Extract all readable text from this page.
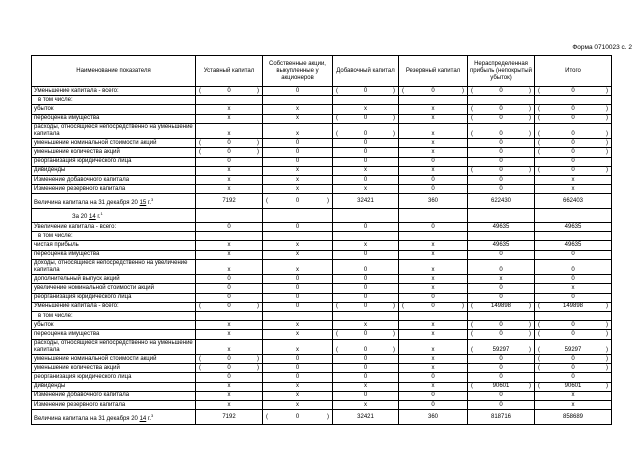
Форма 0710023 с. 2
Наименование показателя	Уставный капитал	Собственные акции, выкупленные у акционеров	Добавочный капитал	Резервный капитал	Нераспределенная прибыль (непокрытый убыток)	Итого
Уменьшение капитала - всего:	( 0 )	0	( 0 )	( 0 )	( 0 )	( 0 )

в том числе:						
убыток	x	x	x	x	( 0 )	( 0 )

переоценка имущества	x	x	( 0 )	x	( 0 )	( 0 )

расходы, относящиеся непосредственно на уменьшение капитала	x	x	( 0 )	x	( 0 )	( 0 )

уменьшение номинальной стоимости акций	( 0 )	0	0	x	0	( 0 )

уменьшение количества акций	( 0 )	0	0	x	0	( 0 )

реорганизация юридического лица	0	0	0	0	0	0
дивиденды	x	x	x	x	( 0 )	( 0 )

Изменение добавочного капитала	x	x	0	0	0	x
Изменение резервного капитала	x	x	x	0	0	x
Величина капитала на 31 декабря 20 15 г.$^3$	7192	( 0 )	32421	360	622430	662403
За 20 14 г.$^1$						
Увеличение капитала - всего:	0	0	0	0	49635	49635
в том числе:						
чистая прибыль	x	x	x	x	49635	49635
переоценка имущества	x	x	0	x	0	0
доходы, относящиеся непосредственно на увеличение капитала	x	x	0	x	0	0
дополнительный выпуск акций	0	0	0	x	x	0
увеличение номинальной стоимости акций	0	0	0	x	0	x
реорганизация юридического лица	0	0	0	0	0	0
Уменьшение капитала - всего:	( 0 )	0	( 0 )	( 0 )	( 149898 )	( 149898 )

в том числе:						
убыток	x	x	x	x	( 0 )	( 0 )

переоценка имущества	x	x	( 0 )	x	( 0 )	( 0 )

расходы, относящиеся непосредственно на уменьшение капитала	x	x	( 0 )	x	( 59297 )	( 59297 )

уменьшение номинальной стоимости акций	( 0 )	0	0	x	0	( 0 )

уменьшение количества акций	( 0 )	0	0	x	0	( 0 )

реорганизация юридического лица	0	0	0	0	0	0
дивиденды	x	x	x	x	( 90601 )	( 90601 )

Изменение добавочного капитала	x	x	0	0	0	x
Изменение резервного капитала	x	x	x	0	0	x
Величина капитала на 31 декабря 20 14 г.$^3$	7192	( 0 )	32421	360	818716	858689
